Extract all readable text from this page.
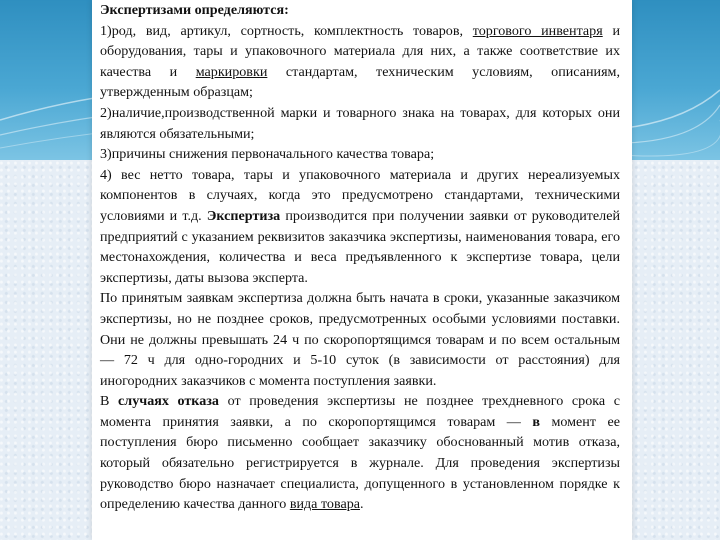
Экспертизами определяются:

1)род, вид, артикул, сортность, комплектность товаров, торгового инвентаря и оборудования, тары и упаковочного материала для них, а также соответствие их качества и маркировки стандартам, техническим условиям, описаниям, утвержденным образцам;

2)наличие,производственной марки и товарного знака на товарах, для которых они являются обязательными;

3)причины снижения первоначального качества товара;

4) вес нетто товара, тары и упаковочного материала и других нереализуемых компонентов в случаях, когда это предусмотрено стандартами, техническими условиями и т.д. Экспертиза производится при получении заявки от руководителей предприятий с указанием реквизитов заказчика экспертизы, наименования товара, его местонахождения, количества и веса предъявленного к экспертизе товара, цели экспертизы, даты вызова эксперта.

По принятым заявкам экспертиза должна быть начата в сроки, указанные заказчиком экспертизы, но не позднее сроков, предусмотренных особыми условиями поставки. Они не должны превышать 24 ч по скоропортящимся товарам и по всем остальным — 72 ч для одно-городних и 5-10 суток (в зависимости от расстояния) для иногородних заказчиков с момента поступления заявки.

В случаях отказа от проведения экспертизы не позднее трехдневного срока с момента принятия заявки, а по скоропортящимся товарам — в момент ее поступления бюро письменно сообщает заказчику обоснованный мотив отказа, который обязательно регистрируется в журнале. Для проведения экспертизы руководство бюро назначает специалиста, допущенного в установленном порядке к определению качества данного вида товара.
